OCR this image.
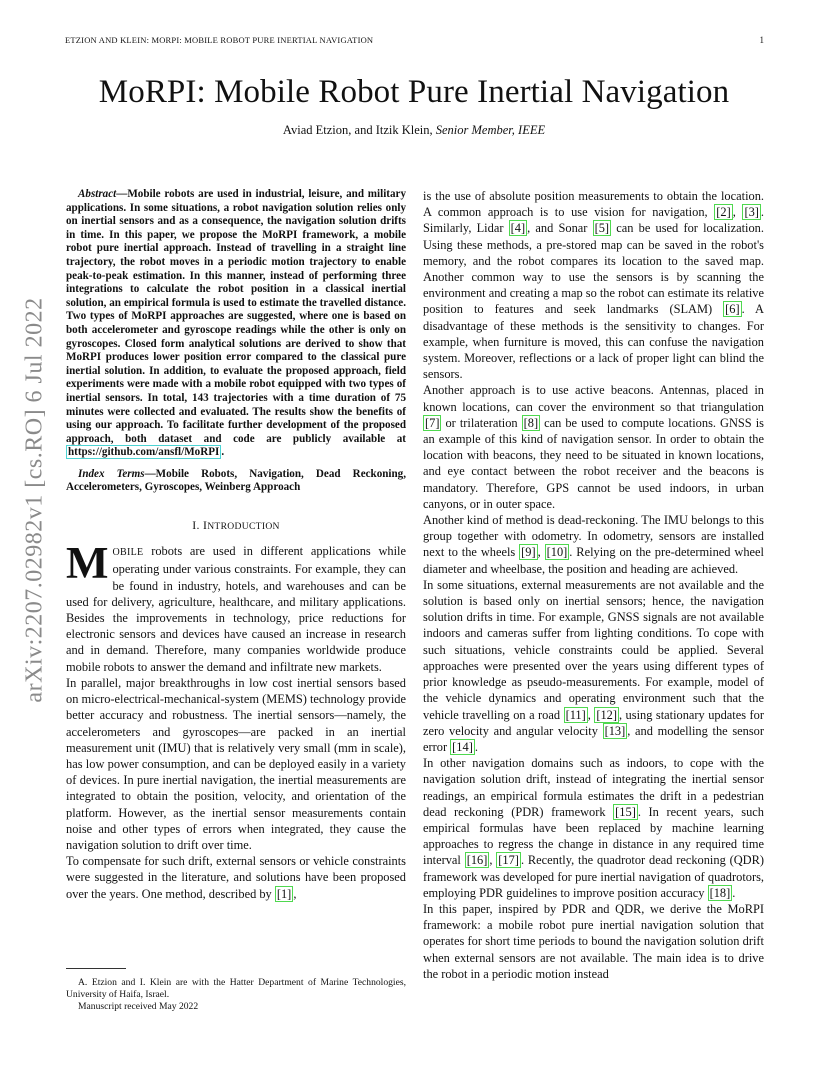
ETZION AND KLEIN: MORPI: MOBILE ROBOT PURE INERTIAL NAVIGATION	1
arXiv:2207.02982v1 [cs.RO] 6 Jul 2022
MoRPI: Mobile Robot Pure Inertial Navigation
Aviad Etzion, and Itzik Klein, Senior Member, IEEE

Abstract—Mobile robots are used in industrial, leisure, and military applications. In some situations, a robot navigation solution relies only on inertial sensors and as a consequence, the navigation solution drifts in time. In this paper, we propose the MoRPI framework, a mobile robot pure inertial approach. Instead of travelling in a straight line trajectory, the robot moves in a periodic motion trajectory to enable peak-to-peak estimation. In this manner, instead of performing three integrations to calculate the robot position in a classical inertial solution, an empirical formula is used to estimate the travelled distance. Two types of MoRPI approaches are suggested, where one is based on both accelerometer and gyroscope readings while the other is only on gyroscopes. Closed form analytical solutions are derived to show that MoRPI produces lower position error compared to the classical pure inertial solution. In addition, to evaluate the proposed approach, field experiments were made with a mobile robot equipped with two types of inertial sensors. In total, 143 trajectories with a time duration of 75 minutes were collected and evaluated. The results show the benefits of using our approach. To facilitate further development of the proposed approach, both dataset and code are publicly available at https://github.com/ansfl/MoRPI .

Index Terms—Mobile Robots, Navigation, Dead Reckoning, Accelerometers, Gyroscopes, Weinberg Approach

I. INTRODUCTION

MOBILE robots are used in different applications while operating under various constraints. For example, they can be found in industry, hotels, and warehouses and can be used for delivery, agriculture, healthcare, and military applications. Besides the improvements in technology, price reductions for electronic sensors and devices have caused an increase in research and in demand. Therefore, many companies worldwide produce mobile robots to answer the demand and infiltrate new markets.

In parallel, major breakthroughs in low cost inertial sensors based on micro-electrical-mechanical-system (MEMS) technology provide better accuracy and robustness. The inertial sensors—namely, the accelerometers and gyroscopes—are packed in an inertial measurement unit (IMU) that is relatively very small (mm in scale), has low power consumption, and can be deployed easily in a variety of devices. In pure inertial navigation, the inertial measurements are integrated to obtain the position, velocity, and orientation of the platform. However, as the inertial sensor measurements contain noise and other types of errors when integrated, they cause the navigation solution to drift over time.

To compensate for such drift, external sensors or vehicle constraints were suggested in the literature, and solutions have been proposed over the years. One method, described by [1] ,

is the use of absolute position measurements to obtain the location. A common approach is to use vision for navigation, [2] , [3] . Similarly, Lidar [4] , and Sonar [5] can be used for localization. Using these methods, a pre-stored map can be saved in the robot's memory, and the robot compares its location to the saved map. Another common way to use the sensors is by scanning the environment and creating a map so the robot can estimate its relative position to features and seek landmarks (SLAM) [6] . A disadvantage of these methods is the sensitivity to changes. For example, when furniture is moved, this can confuse the navigation system. Moreover, reflections or a lack of proper light can blind the sensors.

Another approach is to use active beacons. Antennas, placed in known locations, can cover the environment so that triangulation [7] or trilateration [8] can be used to compute locations. GNSS is an example of this kind of navigation sensor. In order to obtain the location with beacons, they need to be situated in known locations, and eye contact between the robot receiver and the beacons is mandatory. Therefore, GPS cannot be used indoors, in urban canyons, or in outer space.

Another kind of method is dead-reckoning. The IMU belongs to this group together with odometry. In odometry, sensors are installed next to the wheels [9] , [10] . Relying on the pre-determined wheel diameter and wheelbase, the position and heading are achieved.

In some situations, external measurements are not available and the solution is based only on inertial sensors; hence, the navigation solution drifts in time. For example, GNSS signals are not available indoors and cameras suffer from lighting conditions. To cope with such situations, vehicle constraints could be applied. Several approaches were presented over the years using different types of prior knowledge as pseudo-measurements. For example, model of the vehicle dynamics and operating environment such that the vehicle travelling on a road [11] , [12] , using stationary updates for zero velocity and angular velocity [13] , and modelling the sensor error [14] .

In other navigation domains such as indoors, to cope with the navigation solution drift, instead of integrating the inertial sensor readings, an empirical formula estimates the drift in a pedestrian dead reckoning (PDR) framework [15] . In recent years, such empirical formulas have been replaced by machine learning approaches to regress the change in distance in any required time interval [16] , [17] . Recently, the quadrotor dead reckoning (QDR) framework was developed for pure inertial navigation of quadrotors, employing PDR guidelines to improve position accuracy [18] .

In this paper, inspired by PDR and QDR, we derive the MoRPI framework: a mobile robot pure inertial navigation solution that operates for short time periods to bound the navigation solution drift when external sensors are not available. The main idea is to drive the robot in a periodic motion instead

A. Etzion and I. Klein are with the Hatter Department of Marine Technologies, University of Haifa, Israel.
Manuscript received May 2022
